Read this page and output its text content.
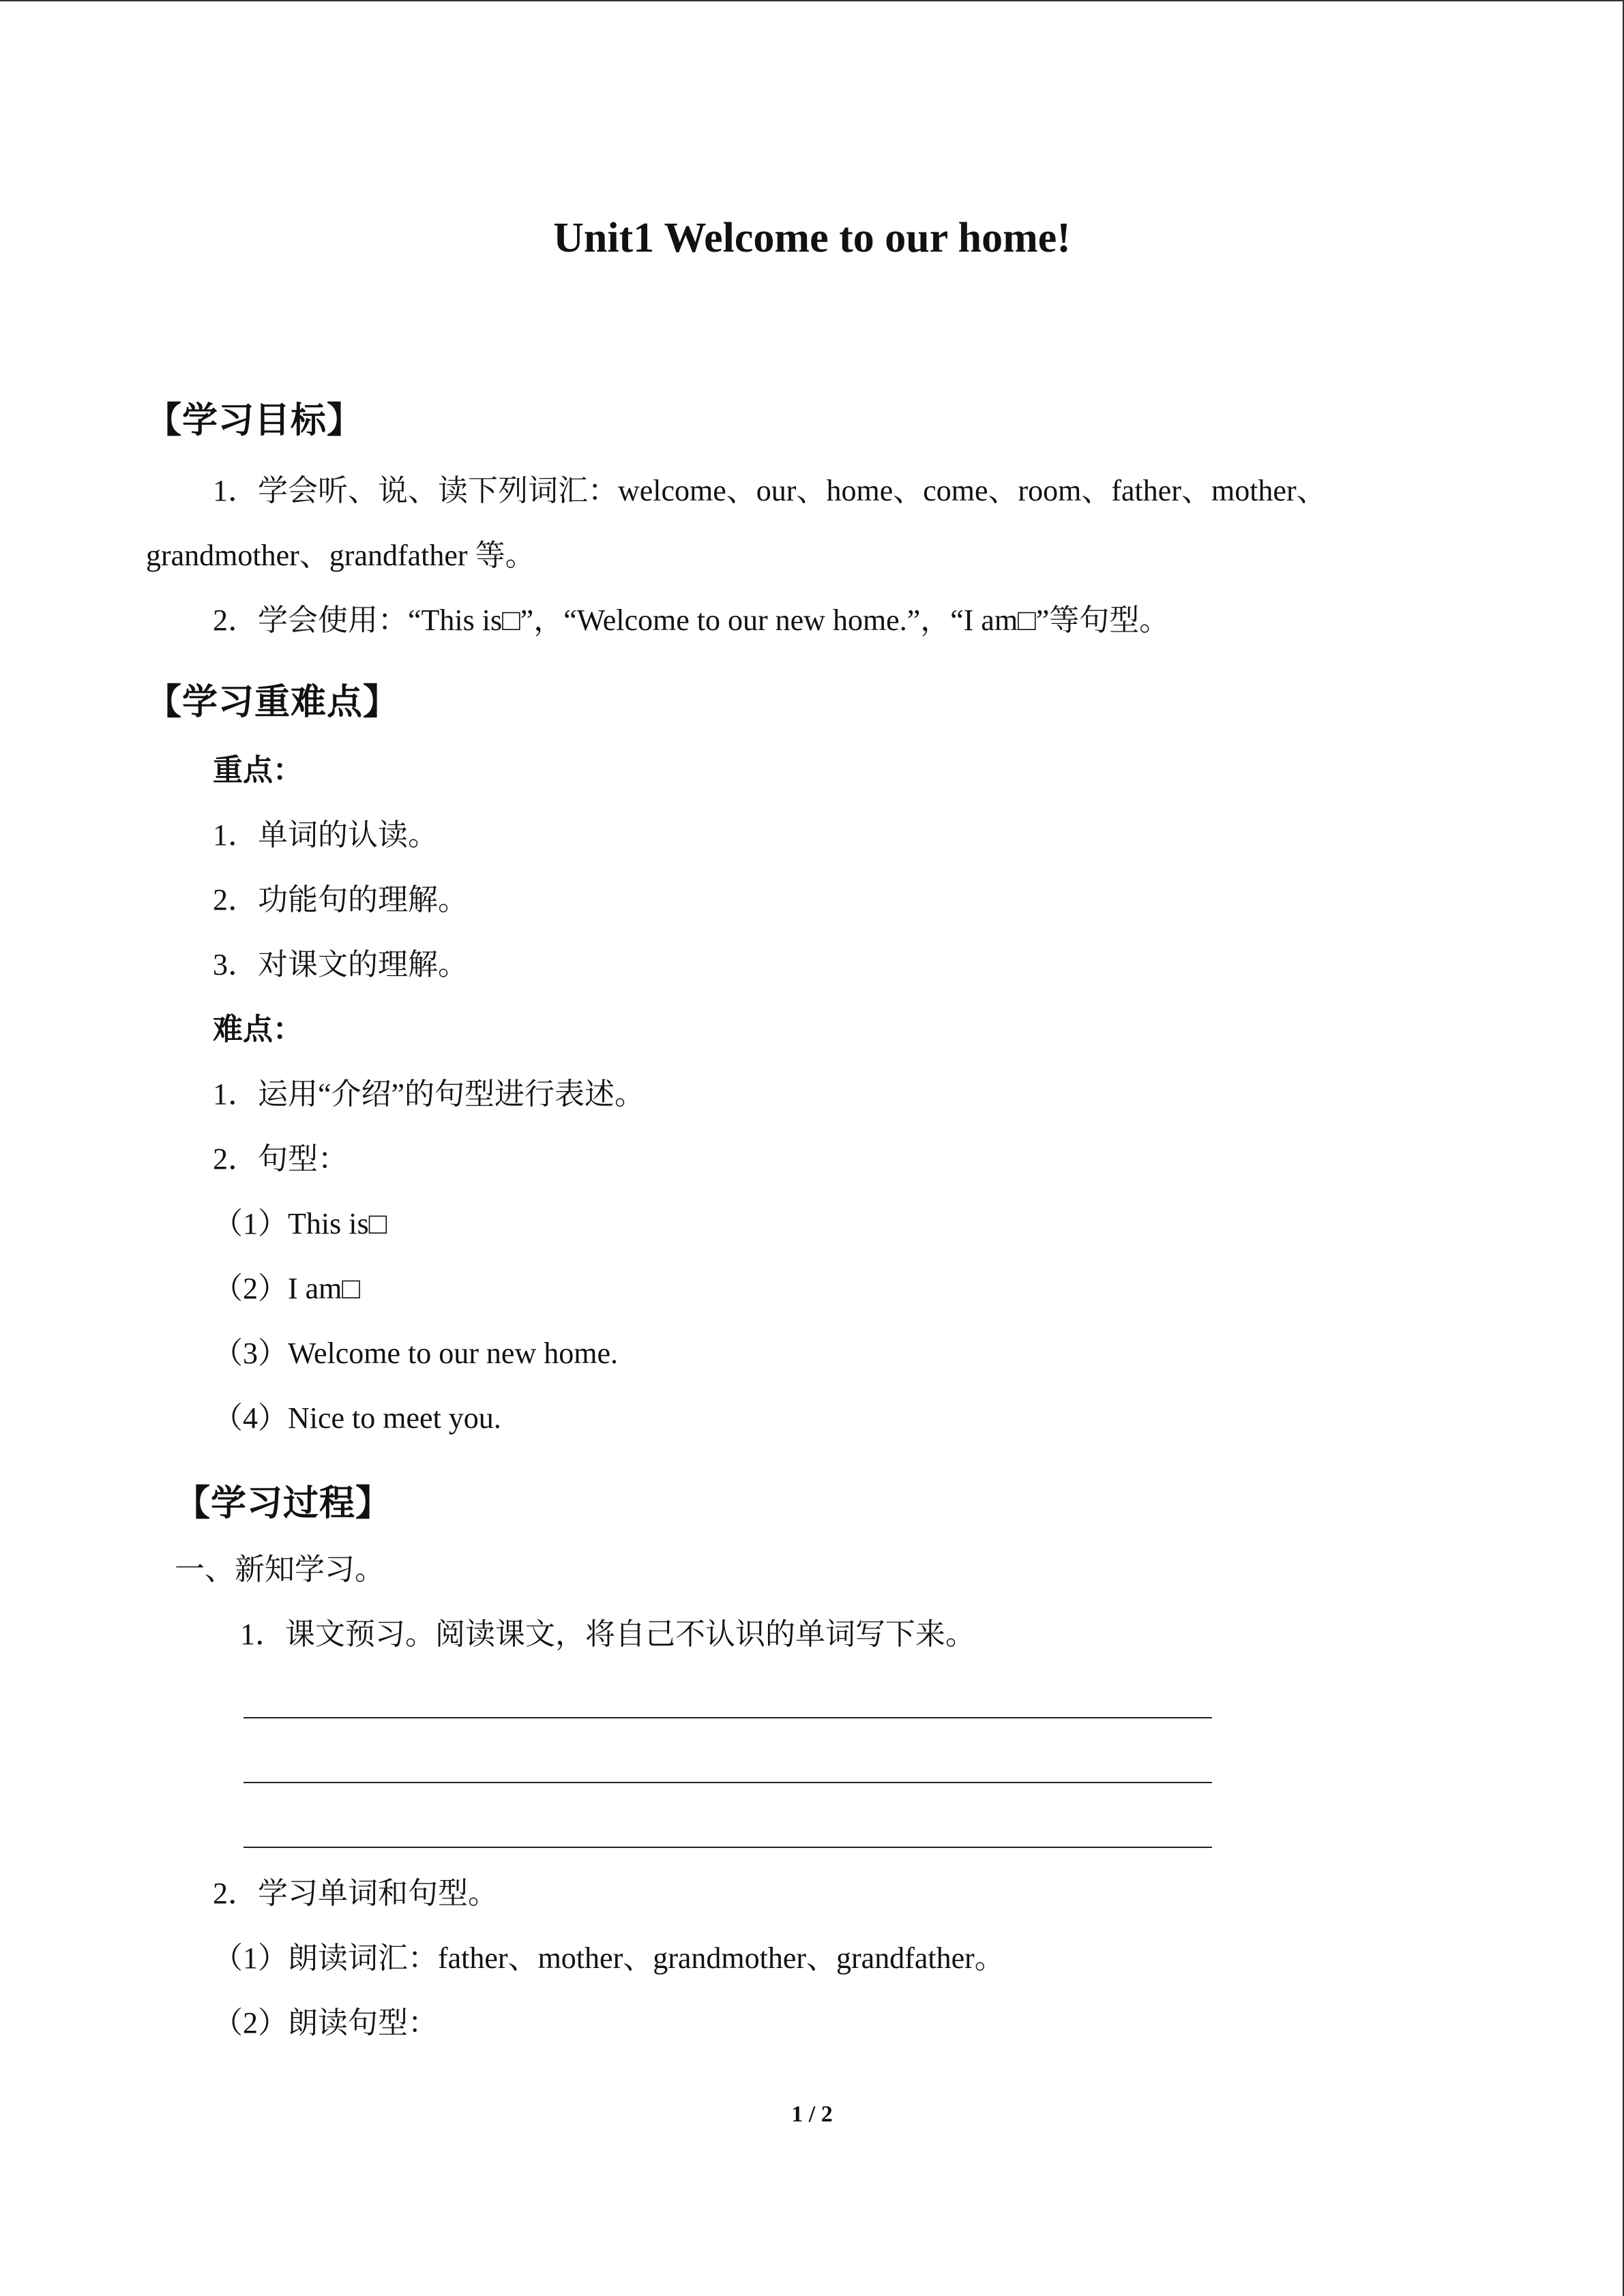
Unit1 Welcome to our home!
【学习目标】
1．学会听、说、读下列词汇：welcome、our、home、come、room、father、mother、
grandmother、grandfather 等。
2．学会使用：“This is□”，“Welcome to our new home.”，“I am□”等句型。
【学习重难点】
重点：
1．单词的认读。
2．功能句的理解。
3．对课文的理解。
难点：
1．运用“介绍”的句型进行表述。
2．句型：
（1）This is□
（2）I am□
（3）Welcome to our new home.
（4）Nice to meet you.
【学习过程】
一、新知学习。
1．课文预习。阅读课文，将自己不认识的单词写下来。
2．学习单词和句型。
（1）朗读词汇：father、mother、grandmother、grandfather。
（2）朗读句型：
1 / 2
